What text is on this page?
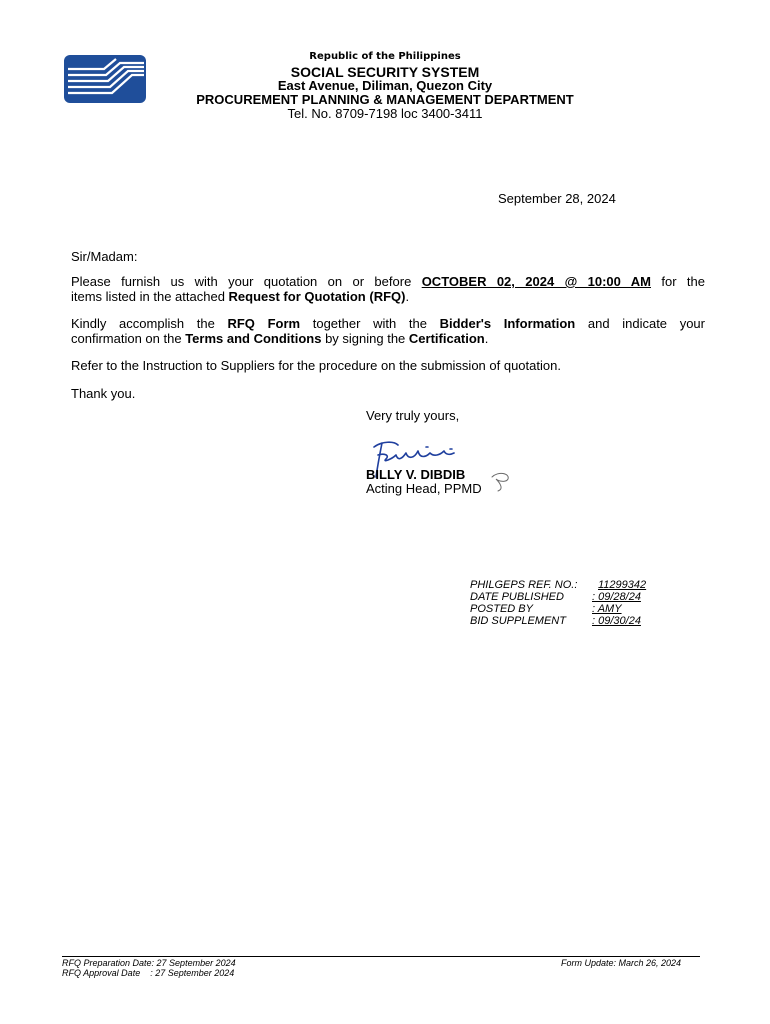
Republic of the Philippines
SOCIAL SECURITY SYSTEM
East Avenue, Diliman, Quezon City
PROCUREMENT PLANNING & MANAGEMENT DEPARTMENT
Tel. No. 8709-7198 loc 3400-3411
September 28, 2024
Sir/Madam:
Please furnish us with your quotation on or before OCTOBER 02, 2024 @ 10:00 AM for the
items listed in the attached Request for Quotation (RFQ).
Kindly accomplish the RFQ Form together with the Bidder's Information and indicate your
confirmation on the Terms and Conditions by signing the Certification.
Refer to the Instruction to Suppliers for the procedure on the submission of quotation.
Thank you.
Very truly yours,
BILLY V. DIBDIB
Acting Head, PPMD
PHILGEPS REF. NO.: 11299342
DATE PUBLISHED	: 09/28/24
POSTED BY	: AMY
BID SUPPLEMENT : 09/30/24
RFQ Preparation Date: 27 September 2024
RFQ Approval Date    : 27 September 2024
Form Update: March 26, 2024
